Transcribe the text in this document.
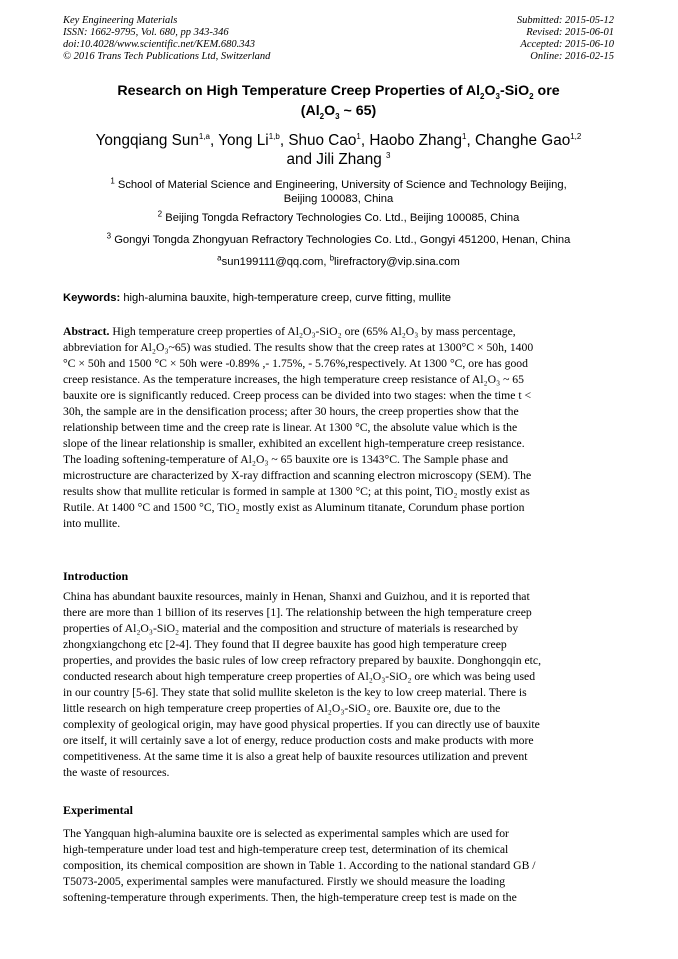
Key Engineering Materials
ISSN: 1662-9795, Vol. 680, pp 343-346
doi:10.4028/www.scientific.net/KEM.680.343
© 2016 Trans Tech Publications Ltd, Switzerland
Submitted: 2015-05-12
Revised: 2015-06-01
Accepted: 2015-06-10
Online: 2016-02-15
Research on High Temperature Creep Properties of $Al_2O_3-SiO_2$ ore
($Al_2O_3$ ~ 65)
Yongqiang Sun$^{1,a}$, Yong Li$^{1,b}$, Shuo Cao$^1$, Haobo Zhang$^1$, Changhe Gao$^{1,2}$
and Jili Zhang $^3$
$^1$ School of Material Science and Engineering, University of Science and Technology Beijing,
Beijing 100083, China
$^2$ Beijing Tongda Refractory Technologies Co. Ltd., Beijing 100085, China
$^3$ Gongyi Tongda Zhongyuan Refractory Technologies Co. Ltd., Gongyi 451200, Henan, China
$^a$sun199111@qq.com, $^b$lirefractory@vip.sina.com
Keywords: high-alumina bauxite, high-temperature creep, curve fitting, mullite
Abstract. High temperature creep properties of Al₂O₃-SiO₂ ore (65% Al₂O₃ by mass percentage,
abbreviation for Al₂O₃~65) was studied. The results show that the creep rates at 1300°C × 50h, 1400
°C × 50h and 1500 °C × 50h were -0.89% ,- 1.75%, - 5.76%,respectively. At 1300 °C, ore has good
creep resistance. As the temperature increases, the high temperature creep resistance of Al₂O₃ ~ 65
bauxite ore is significantly reduced. Creep process can be divided into two stages: when the time t <
30h, the sample are in the densification process; after 30 hours, the creep properties show that the
relationship between time and the creep rate is linear. At 1300 °C, the absolute value which is the
slope of the linear relationship is smaller, exhibited an excellent high-temperature creep resistance.
The loading softening-temperature of Al₂O₃ ~ 65 bauxite ore is 1343°C. The Sample phase and
microstructure are characterized by X-ray diffraction and scanning electron microscopy (SEM). The
results show that mullite reticular is formed in sample at 1300 °C; at this point, TiO₂ mostly exist as
Rutile. At 1400 °C and 1500 °C, TiO₂ mostly exist as Aluminum titanate, Corundum phase portion
into mullite.
Introduction
China has abundant bauxite resources, mainly in Henan, Shanxi and Guizhou, and it is reported that
there are more than 1 billion of its reserves [1]. The relationship between the high temperature creep
properties of Al₂O₃-SiO₂ material and the composition and structure of materials is researched by
zhongxiangchong etc [2-4]. They found that II degree bauxite has good high temperature creep
properties, and provides the basic rules of low creep refractory prepared by bauxite. Donghongqin etc,
conducted research about high temperature creep properties of Al₂O₃-SiO₂ ore which was being used
in our country [5-6]. They state that solid mullite skeleton is the key to low creep material. There is
little research on high temperature creep properties of Al₂O₃-SiO₂ ore. Bauxite ore, due to the
complexity of geological origin, may have good physical properties. If you can directly use of bauxite
ore itself, it will certainly save a lot of energy, reduce production costs and make products with more
competitiveness. At the same time it is also a great help of bauxite resources utilization and prevent
the waste of resources.
Experimental
The Yangquan high-alumina bauxite ore is selected as experimental samples which are used for
high-temperature under load test and high-temperature creep test, determination of its chemical
composition, its chemical composition are shown in Table 1. According to the national standard GB /
T5073-2005, experimental samples were manufactured. Firstly we should measure the loading
softening-temperature through experiments. Then, the high-temperature creep test is made on the
